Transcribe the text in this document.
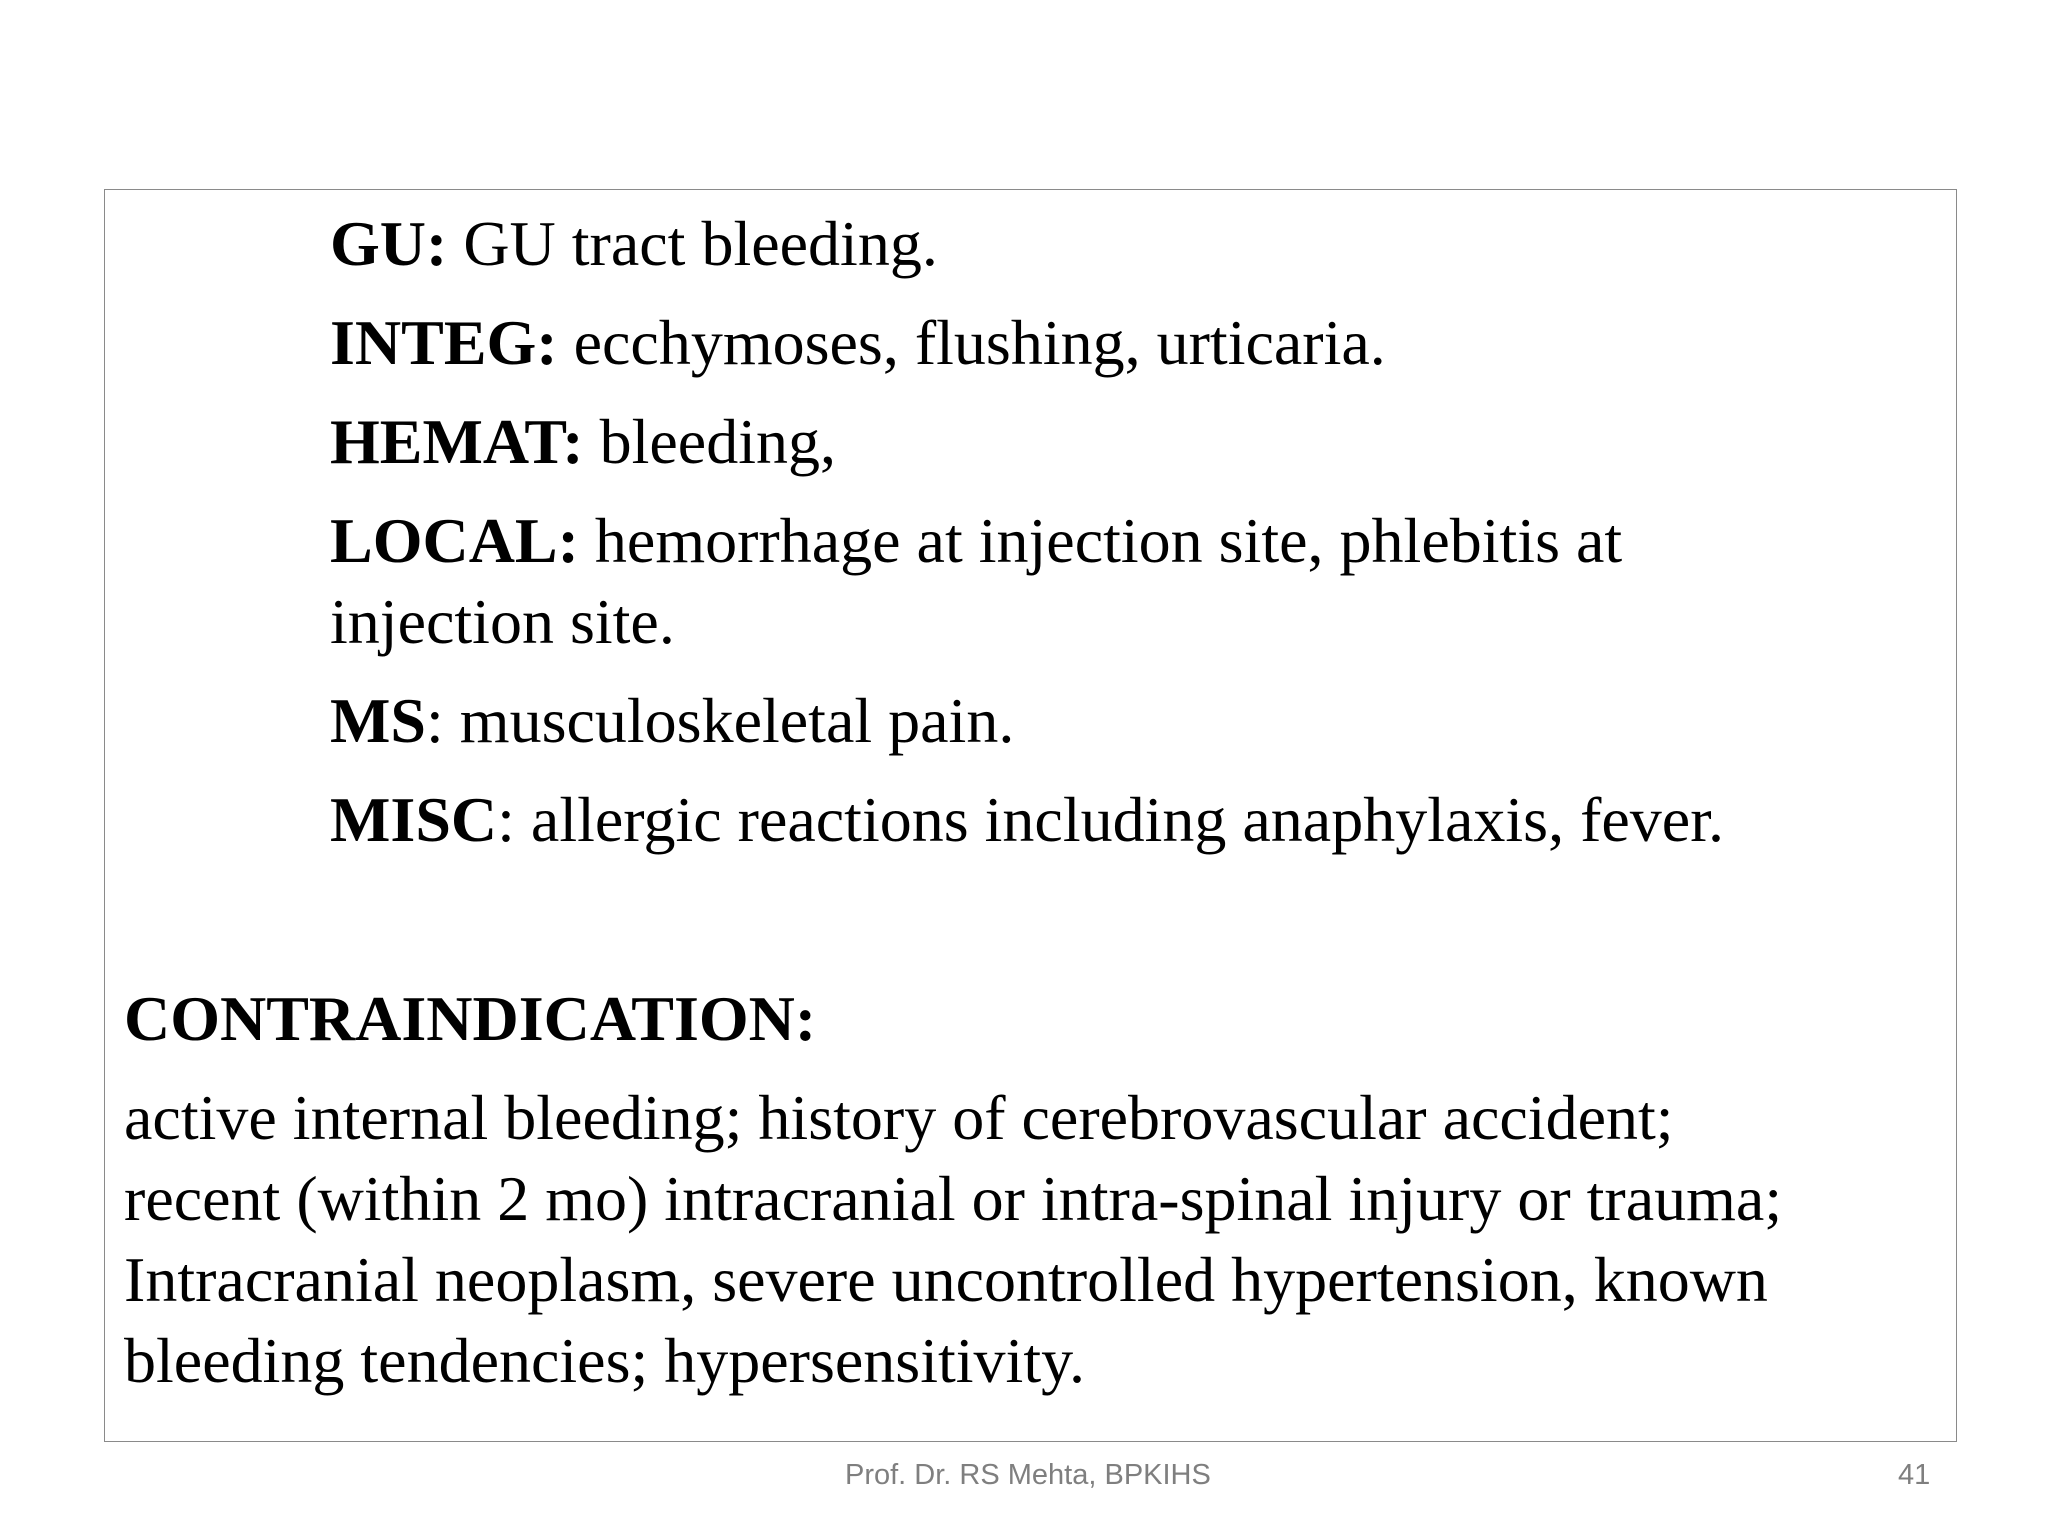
GU: GU tract bleeding.
INTEG: ecchymoses, flushing, urticaria.
HEMAT: bleeding,
LOCAL: hemorrhage at injection site, phlebitis at
injection site.
MS: musculoskeletal pain.
MISC: allergic reactions including anaphylaxis, fever.
CONTRAINDICATION:
active internal bleeding; history of cerebrovascular accident;
recent (within 2 mo) intracranial or intra-spinal injury or trauma;
Intracranial neoplasm, severe uncontrolled hypertension, known
bleeding tendencies; hypersensitivity.
Prof. Dr. RS Mehta, BPKIHS	41
